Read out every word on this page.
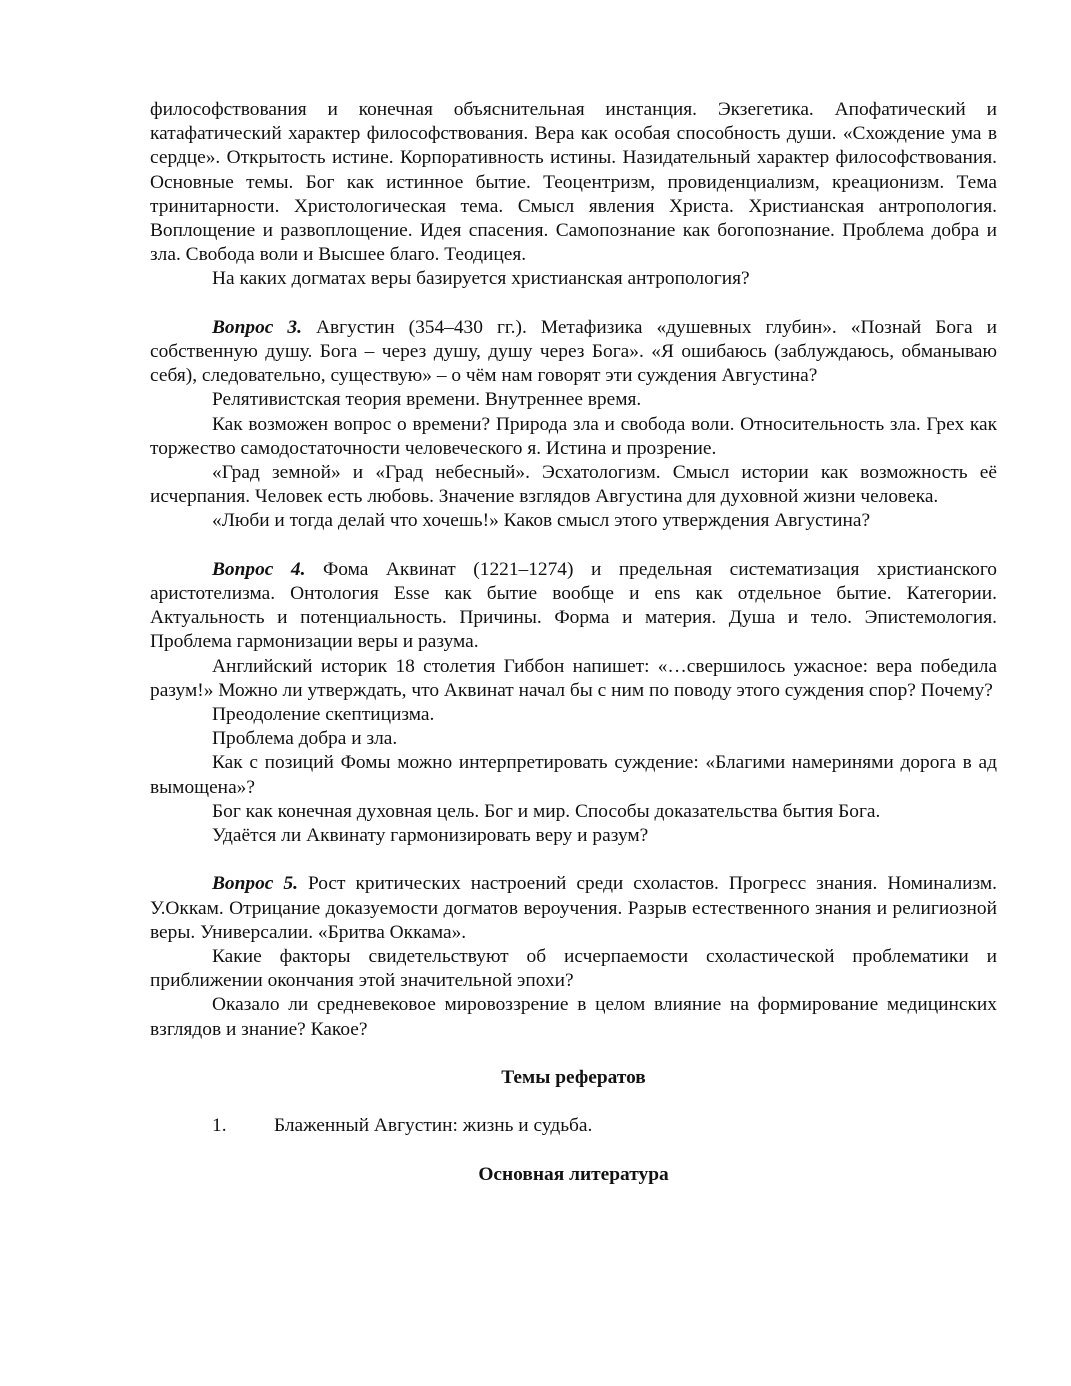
философствования и конечная объяснительная инстанция. Экзегетика. Апофатический и катафатический характер философствования. Вера как особая способность души. «Схождение ума в сердце». Открытость истине. Корпоративность истины. Назидательный характер философствования. Основные темы. Бог как истинное бытие. Теоцентризм, провиденциализм, креационизм. Тема тринитарности. Христологическая тема. Смысл явления Христа. Христианская антропология. Воплощение и развоплощение. Идея спасения. Самопознание как богопознание. Проблема добра и зла. Свобода воли и Высшее благо. Теодицея.

На каких догматах веры базируется христианская антропология?

Вопрос 3. Августин (354–430 гг.). Метафизика «душевных глубин». «Познай Бога и собственную душу. Бога – через душу, душу через Бога». «Я ошибаюсь (заблуждаюсь, обманываю себя), следовательно, существую» – о чём нам говорят эти суждения Августина?

Релятивистская теория времени. Внутреннее время.

Как возможен вопрос о времени? Природа зла и свобода воли. Относительность зла. Грех как торжество самодостаточности человеческого я. Истина и прозрение.

«Град земной» и «Град небесный». Эсхатологизм. Смысл истории как возможность её исчерпания. Человек есть любовь. Значение взглядов Августина для духовной жизни человека.

«Люби и тогда делай что хочешь!» Каков смысл этого утверждения Августина?

Вопрос 4. Фома Аквинат (1221–1274) и предельная систематизация христианского аристотелизма. Онтология Esse как бытие вообще и ens как отдельное бытие. Категории. Актуальность и потенциальность. Причины. Форма и материя. Душа и тело. Эпистемология. Проблема гармонизации веры и разума.

Английский историк 18 столетия Гиббон напишет: «…свершилось ужасное: вера победила разум!» Можно ли утверждать, что Аквинат начал бы с ним по поводу этого суждения спор? Почему?

Преодоление скептицизма.

Проблема добра и зла.

Как с позиций Фомы можно интерпретировать суждение: «Благими намеринями дорога в ад вымощена»?

Бог как конечная духовная цель. Бог и мир. Способы доказательства бытия Бога.

Удаётся ли Аквинату гармонизировать веру и разум?

Вопрос 5. Рост критических настроений среди схоластов. Прогресс знания. Номинализм. У.Оккам. Отрицание доказуемости догматов вероучения. Разрыв естественного знания и религиозной веры. Универсалии. «Бритва Оккама».

Какие факторы свидетельствуют об исчерпаемости схоластической проблематики и приближении окончания этой значительной эпохи?

Оказало ли средневековое мировоззрение в целом влияние на формирование медицинских взглядов и знание? Какое?

Темы рефератов

1. Блаженный Августин: жизнь и судьба.

Основная литература
